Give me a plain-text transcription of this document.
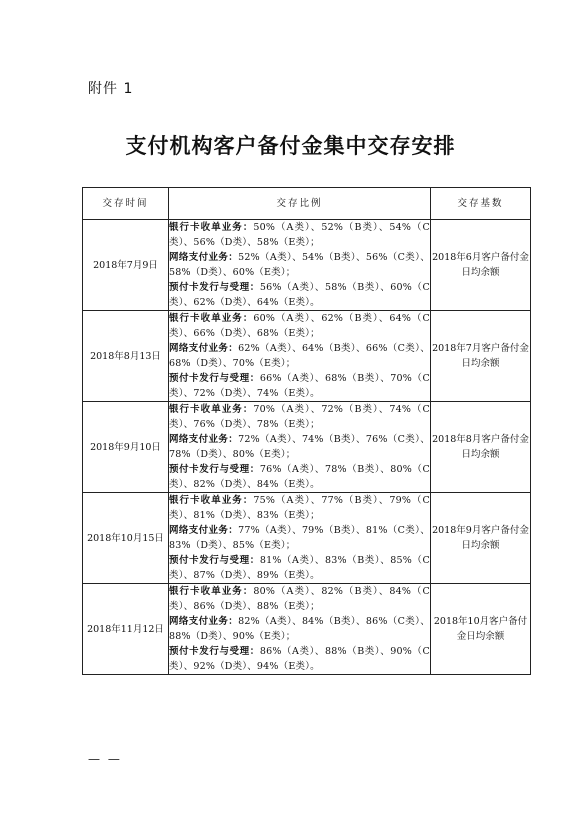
附件 1
支付机构客户备付金集中交存安排
交存时间	交存比例	交存基数
2018年7月9日	银行卡收单业务：50%（A类）、52%（B类）、54%（C类）、56%（D类）、58%（E类）；
网络支付业务：52%（A类）、54%（B类）、56%（C类）、58%（D类）、60%（E类）；
预付卡发行与受理：56%（A类）、58%（B类）、60%（C类）、62%（D类）、64%（E类）。	2018年6月客户备付金日均余额
2018年8月13日	银行卡收单业务：60%（A类）、62%（B类）、64%（C类）、66%（D类）、68%（E类）；
网络支付业务：62%（A类）、64%（B类）、66%（C类）、68%（D类）、70%（E类）；
预付卡发行与受理：66%（A类）、68%（B类）、70%（C类）、72%（D类）、74%（E类）。	2018年7月客户备付金日均余额
2018年9月10日	银行卡收单业务：70%（A类）、72%（B类）、74%（C类）、76%（D类）、78%（E类）；
网络支付业务：72%（A类）、74%（B类）、76%（C类）、78%（D类）、80%（E类）；
预付卡发行与受理：76%（A类）、78%（B类）、80%（C类）、82%（D类）、84%（E类）。	2018年8月客户备付金日均余额
2018年10月15日	银行卡收单业务：75%（A类）、77%（B类）、79%（C类）、81%（D类）、83%（E类）；
网络支付业务：77%（A类）、79%（B类）、81%（C类）、83%（D类）、85%（E类）；
预付卡发行与受理：81%（A类）、83%（B类）、85%（C类）、87%（D类）、89%（E类）。	2018年9月客户备付金日均余额
2018年11月12日	银行卡收单业务：80%（A类）、82%（B类）、84%（C类）、86%（D类）、88%（E类）；
网络支付业务：82%（A类）、84%（B类）、86%（C类）、88%（D类）、90%（E类）；
预付卡发行与受理：86%（A类）、88%（B类）、90%（C类）、92%（D类）、94%（E类）。	2018年10月客户备付金日均余额
— —
